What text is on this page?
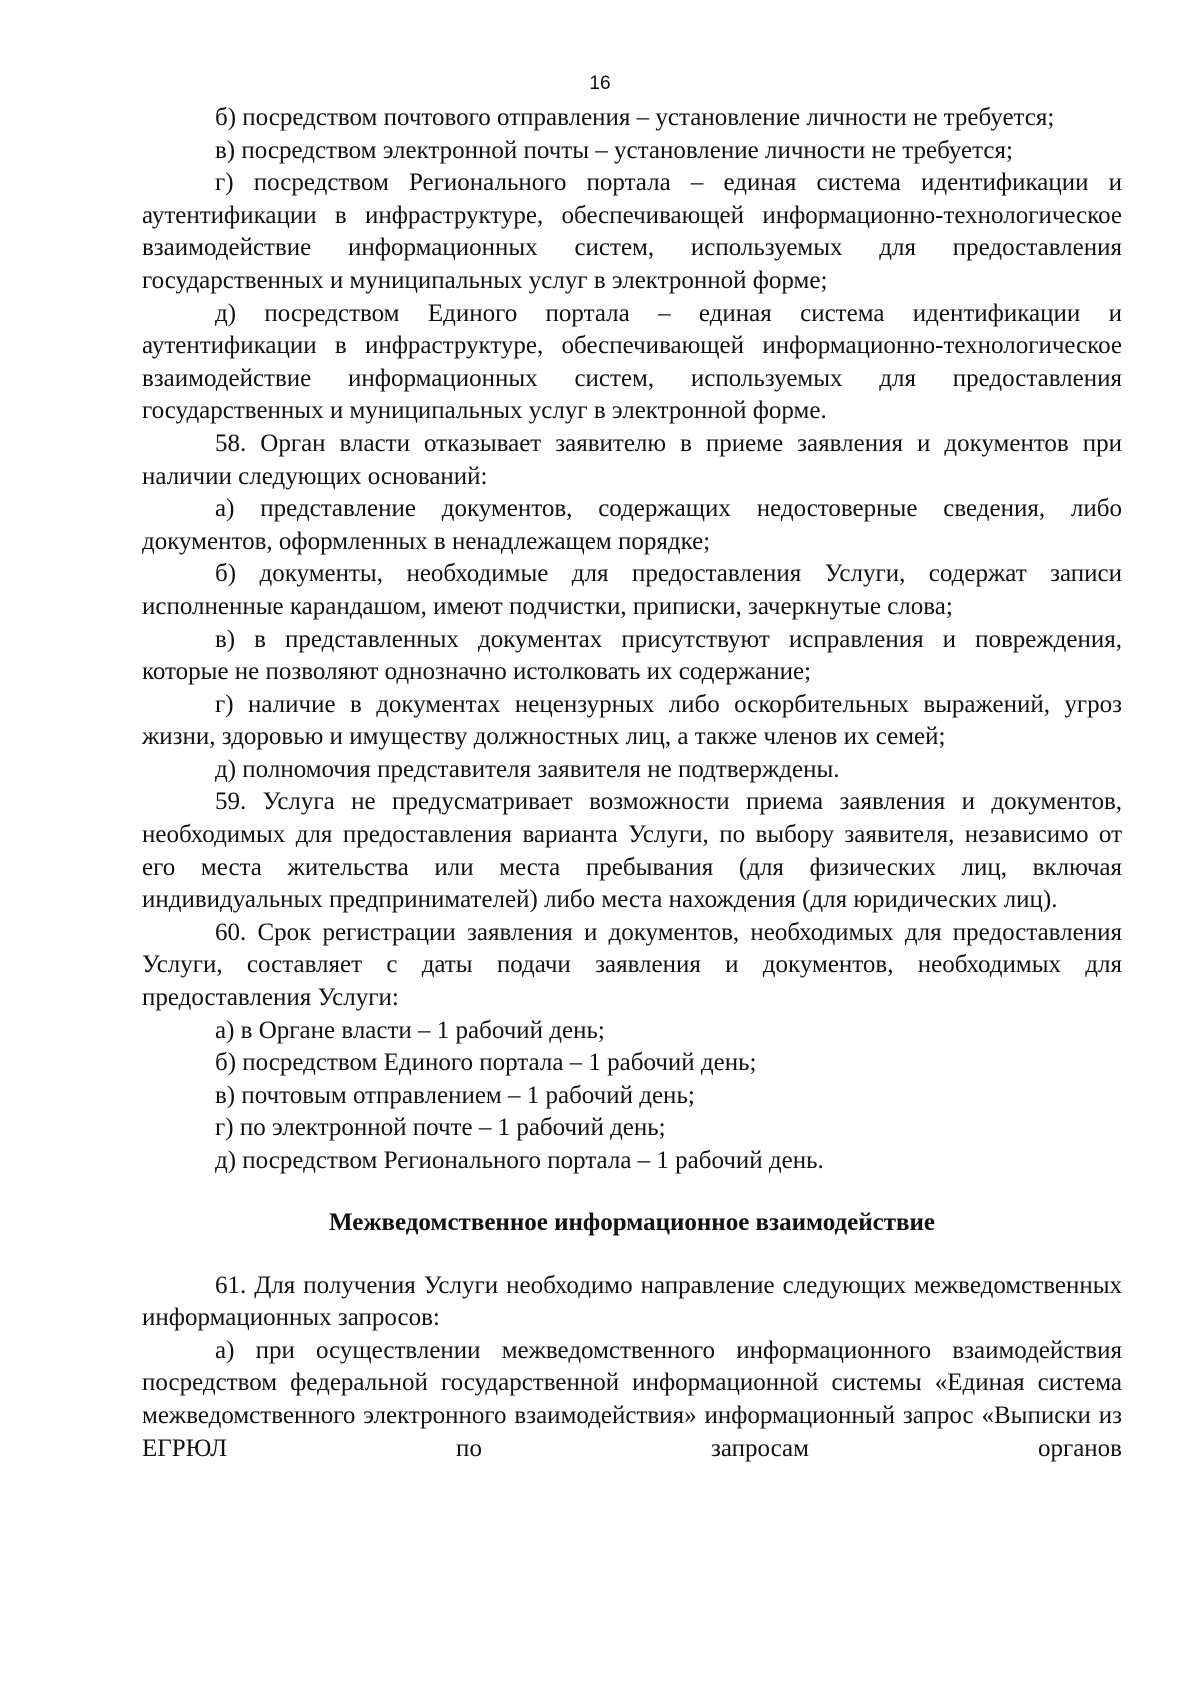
16

б) посредством почтового отправления – установление личности не требуется;

в) посредством электронной почты – установление личности не требуется;

г) посредством Регионального портала – единая система идентификации и аутентификации в инфраструктуре, обеспечивающей информационно-технологическое взаимодействие информационных систем, используемых для предоставления государственных и муниципальных услуг в электронной форме;

д) посредством Единого портала – единая система идентификации и аутентификации в инфраструктуре, обеспечивающей информационно-технологическое взаимодействие информационных систем, используемых для предоставления государственных и муниципальных услуг в электронной форме.

58. Орган власти отказывает заявителю в приеме заявления и документов при наличии следующих оснований:

а) представление документов, содержащих недостоверные сведения, либо документов, оформленных в ненадлежащем порядке;

б) документы, необходимые для предоставления Услуги, содержат записи исполненные карандашом, имеют подчистки, приписки, зачеркнутые слова;

в) в представленных документах присутствуют исправления и повреждения, которые не позволяют однозначно истолковать их содержание;

г) наличие в документах нецензурных либо оскорбительных выражений, угроз жизни, здоровью и имуществу должностных лиц, а также членов их семей;

д) полномочия представителя заявителя не подтверждены.

59. Услуга не предусматривает возможности приема заявления и документов, необходимых для предоставления варианта Услуги, по выбору заявителя, независимо от его места жительства или места пребывания (для физических лиц, включая индивидуальных предпринимателей) либо места нахождения (для юридических лиц).

60. Срок регистрации заявления и документов, необходимых для предоставления Услуги, составляет с даты подачи заявления и документов, необходимых для предоставления Услуги:

а) в Органе власти – 1 рабочий день;

б) посредством Единого портала – 1 рабочий день;

в) почтовым отправлением – 1 рабочий день;

г) по электронной почте – 1 рабочий день;

д) посредством Регионального портала – 1 рабочий день.

Межведомственное информационное взаимодействие

61. Для получения Услуги необходимо направление следующих межведомственных информационных запросов:

а) при осуществлении межведомственного информационного взаимодействия посредством федеральной государственной информационной системы «Единая система межведомственного электронного взаимодействия» информационный запрос «Выписки из ЕГРЮЛ по запросам органов
